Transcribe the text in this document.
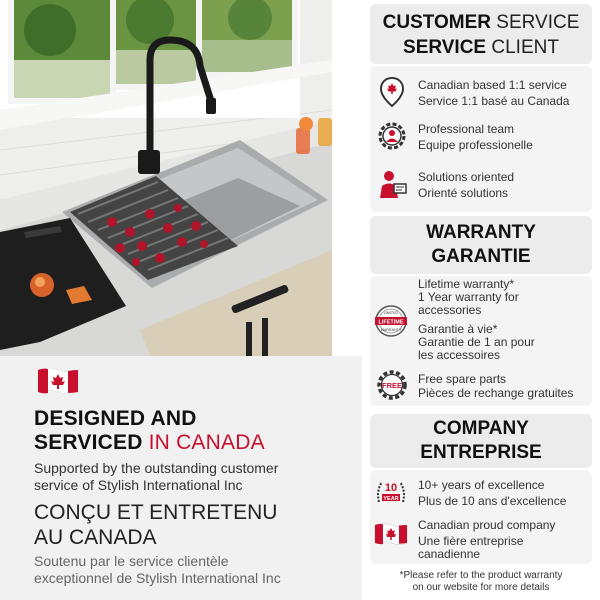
DESIGNED AND
SERVICED IN CANADA
Supported by the outstanding customer
service of Stylish International Inc
CONÇU ET ENTRETENU
AU CANADA
Soutenu par le service clientèle
exceptionnel de Stylish International Inc
CUSTOMER SERVICE
SERVICE CLIENT
Canadian based 1:1 service
Service 1:1 basé au Canada
Professional team
Equipe professionelle
Solutions oriented
Orienté solutions
WARRANTY
GARANTIE
LIFETIME
LIMITED
WARRANTY
Lifetime warranty*
1 Year warranty for
accessories
Garantie à vie*
Garantie de 1 an pour
les accessoires
FREE Free spare parts
Pièces de rechange gratuites
COMPANY
ENTREPRISE
10
YEAR
10+ years of excellence
Plus de 10 ans d'excellence
Canadian proud company
Une fière entreprise
canadienne
*Please refer to the product warranty
on our website for more details
